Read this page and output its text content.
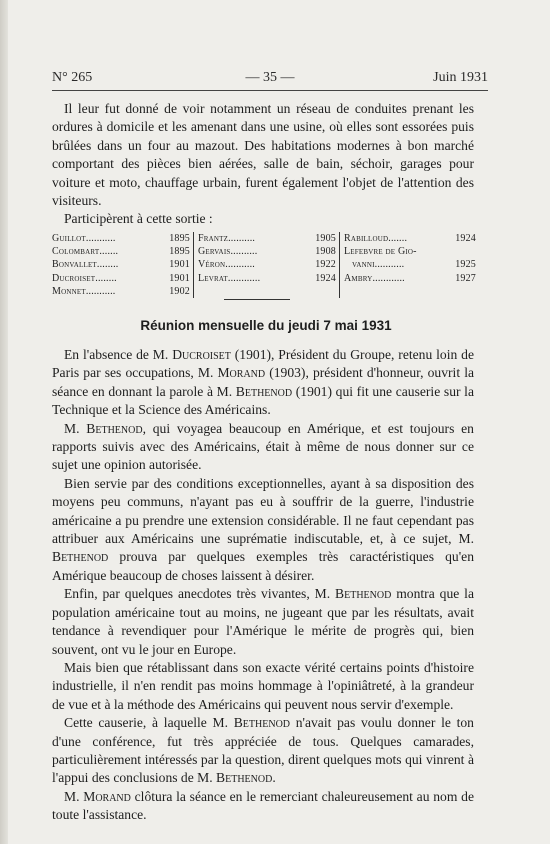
N° 265	— 35 —	Juin 1931

Il leur fut donné de voir notamment un réseau de conduites prenant les ordures à domicile et les amenant dans une usine, où elles sont essorées puis brûlées dans un four au mazout. Des habitations modernes à bon marché comportant des pièces bien aérées, salle de bain, séchoir, garages pour voiture et moto, chauffage urbain, furent également l'objet de l'attention des visiteurs.

Participèrent à cette sortie :

Guillot...........	1895
Colombart.......	1895
Bonvallet........	1901
Ducroiset........	1901
Monnet...........	1902
Frantz..........	1905
Gervais..........	1908
Véron...........	1922
Levrat............	1924
Rabilloud.......	1924
Lefebvre de Gio-
vanni...........	1925
Ambry............	1927
Réunion mensuelle du jeudi 7 mai 1931

En l'absence de M. Ducroiset (1901), Président du Groupe, retenu loin de Paris par ses occupations, M. Morand (1903), président d'honneur, ouvrit la séance en donnant la parole à M. Bethenod (1901) qui fit une causerie sur la Technique et la Science des Américains.

M. Bethenod, qui voyagea beaucoup en Amérique, et est toujours en rapports suivis avec des Américains, était à même de nous donner sur ce sujet une opinion autorisée.

Bien servie par des conditions exceptionnelles, ayant à sa disposition des moyens peu communs, n'ayant pas eu à souffrir de la guerre, l'industrie américaine a pu prendre une extension considérable. Il ne faut cependant pas attribuer aux Américains une suprématie indiscutable, et, à ce sujet, M. Bethenod prouva par quelques exemples très caractéristiques qu'en Amérique beaucoup de choses laissent à désirer.

Enfin, par quelques anecdotes très vivantes, M. Bethenod montra que la population américaine tout au moins, ne jugeant que par les résultats, avait tendance à revendiquer pour l'Amérique le mérite de progrès qui, bien souvent, ont vu le jour en Europe.

Mais bien que rétablissant dans son exacte vérité certains points d'histoire industrielle, il n'en rendit pas moins hommage à l'opiniâtreté, à la grandeur de vue et à la méthode des Américains qui peuvent nous servir d'exemple.

Cette causerie, à laquelle M. Bethenod n'avait pas voulu donner le ton d'une conférence, fut très appréciée de tous. Quelques camarades, particulièrement intéressés par la question, dirent quelques mots qui vinrent à l'appui des conclusions de M. Bethenod.

M. Morand clôtura la séance en le remerciant chaleureusement au nom de toute l'assistance.
